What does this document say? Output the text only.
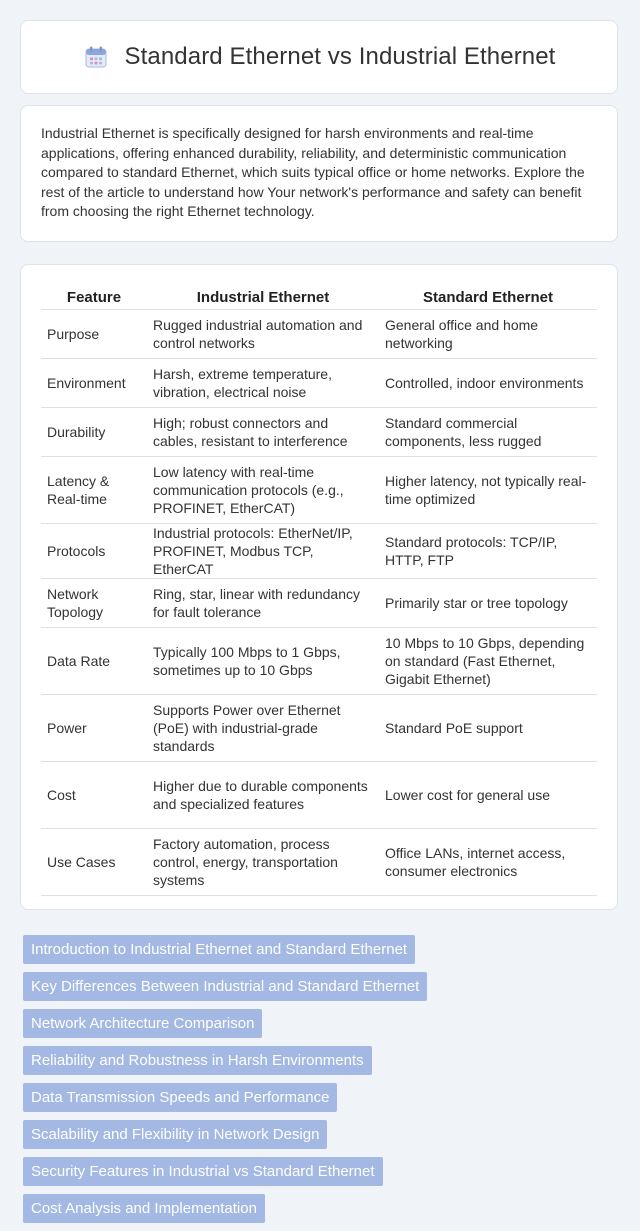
Standard Ethernet vs Industrial Ethernet

Industrial Ethernet is specifically designed for harsh environments and real-time applications, offering enhanced durability, reliability, and deterministic communication compared to standard Ethernet, which suits typical office or home networks. Explore the rest of the article to understand how Your network's performance and safety can benefit from choosing the right Ethernet technology.

Feature	Industrial Ethernet	Standard Ethernet
Purpose	Rugged industrial automation and control networks	General office and home networking
Environment	Harsh, extreme temperature, vibration, electrical noise	Controlled, indoor environments
Durability	High; robust connectors and cables, resistant to interference	Standard commercial components, less rugged
Latency & Real-time	Low latency with real-time communication protocols (e.g., PROFINET, EtherCAT)	Higher latency, not typically real-time optimized
Protocols	Industrial protocols: EtherNet/IP, PROFINET, Modbus TCP, EtherCAT	Standard protocols: TCP/IP, HTTP, FTP
Network Topology	Ring, star, linear with redundancy for fault tolerance	Primarily star or tree topology
Data Rate	Typically 100 Mbps to 1 Gbps, sometimes up to 10 Gbps	10 Mbps to 10 Gbps, depending on standard (Fast Ethernet, Gigabit Ethernet)
Power	Supports Power over Ethernet (PoE) with industrial-grade standards	Standard PoE support
Cost	Higher due to durable components and specialized features	Lower cost for general use
Use Cases	Factory automation, process control, energy, transportation systems	Office LANs, internet access, consumer electronics
Introduction to Industrial Ethernet and Standard Ethernet
Key Differences Between Industrial and Standard Ethernet
Network Architecture Comparison
Reliability and Robustness in Harsh Environments
Data Transmission Speeds and Performance
Scalability and Flexibility in Network Design
Security Features in Industrial vs Standard Ethernet
Cost Analysis and Implementation
